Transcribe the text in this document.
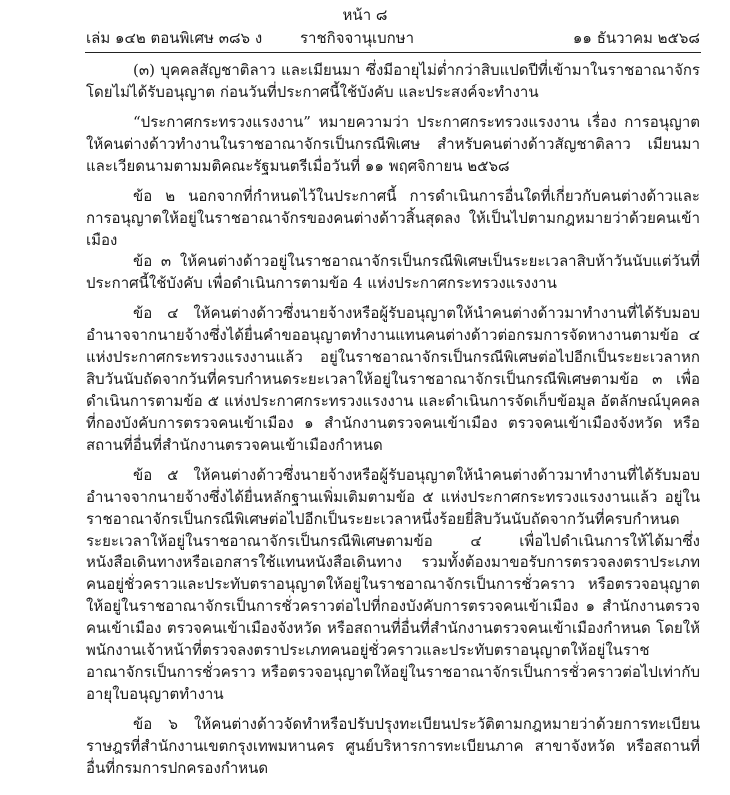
หน้า ๘
เล่ม ๑๔๒ ตอนพิเศษ ๓๘๖ ง	ราชกิจจานุเบกษา	๑๑ ธันวาคม ๒๕๖๘

(๓) บุคคลสัญชาติลาว และเมียนมา ซึ่งมีอายุไม่ต่ำกว่าสิบแปดปีที่เข้ามาในราชอาณาจักรโดยไม่ได้รับอนุญาต ก่อนวันที่ประกาศนี้ใช้บังคับ และประสงค์จะทำงาน

“ประกาศกระทรวงแรงงาน” หมายความว่า ประกาศกระทรวงแรงงาน เรื่อง การอนุญาตให้คนต่างด้าวทำงานในราชอาณาจักรเป็นกรณีพิเศษ สำหรับคนต่างด้าวสัญชาติลาว เมียนมา และเวียดนามตามมติคณะรัฐมนตรีเมื่อวันที่ ๑๑ พฤศจิกายน ๒๕๖๘

ข้อ ๒ นอกจากที่กำหนดไว้ในประกาศนี้ การดำเนินการอื่นใดที่เกี่ยวกับคนต่างด้าวและการอนุญาตให้อยู่ในราชอาณาจักรของคนต่างด้าวสิ้นสุดลง ให้เป็นไปตามกฎหมายว่าด้วยคนเข้าเมือง

ข้อ ๓ ให้คนต่างด้าวอยู่ในราชอาณาจักรเป็นกรณีพิเศษเป็นระยะเวลาสิบห้าวันนับแต่วันที่ประกาศนี้ใช้บังคับ เพื่อดำเนินการตามข้อ 4 แห่งประกาศกระทรวงแรงงาน

ข้อ ๔ ให้คนต่างด้าวซึ่งนายจ้างหรือผู้รับอนุญาตให้นำคนต่างด้าวมาทำงานที่ได้รับมอบอำนาจจากนายจ้างซึ่งได้ยื่นคำขออนุญาตทำงานแทนคนต่างด้าวต่อกรมการจัดหางานตามข้อ ๔ แห่งประกาศกระทรวงแรงงานแล้ว อยู่ในราชอาณาจักรเป็นกรณีพิเศษต่อไปอีกเป็นระยะเวลาหกสิบวันนับถัดจากวันที่ครบกำหนดระยะเวลาให้อยู่ในราชอาณาจักรเป็นกรณีพิเศษตามข้อ ๓ เพื่อดำเนินการตามข้อ ๕ แห่งประกาศกระทรวงแรงงาน และดำเนินการจัดเก็บข้อมูล อัตลักษณ์บุคคลที่กองบังคับการตรวจคนเข้าเมือง ๑ สำนักงานตรวจคนเข้าเมือง ตรวจคนเข้าเมืองจังหวัด หรือสถานที่อื่นที่สำนักงานตรวจคนเข้าเมืองกำหนด

ข้อ ๕ ให้คนต่างด้าวซึ่งนายจ้างหรือผู้รับอนุญาตให้นำคนต่างด้าวมาทำงานที่ได้รับมอบอำนาจจากนายจ้างซึ่งได้ยื่นหลักฐานเพิ่มเติมตามข้อ ๕ แห่งประกาศกระทรวงแรงงานแล้ว อยู่ในราชอาณาจักรเป็นกรณีพิเศษต่อไปอีกเป็นระยะเวลาหนึ่งร้อยยี่สิบวันนับถัดจากวันที่ครบกำหนดระยะเวลาให้อยู่ในราชอาณาจักรเป็นกรณีพิเศษตามข้อ ๔ เพื่อไปดำเนินการให้ได้มาซึ่งหนังสือเดินทางหรือเอกสารใช้แทนหนังสือเดินทาง รวมทั้งต้องมาขอรับการตรวจลงตราประเภทคนอยู่ชั่วคราวและประทับตราอนุญาตให้อยู่ในราชอาณาจักรเป็นการชั่วคราว หรือตรวจอนุญาตให้อยู่ในราชอาณาจักรเป็นการชั่วคราวต่อไปที่กองบังคับการตรวจคนเข้าเมือง ๑ สำนักงานตรวจคนเข้าเมือง ตรวจคนเข้าเมืองจังหวัด หรือสถานที่อื่นที่สำนักงานตรวจคนเข้าเมืองกำหนด โดยให้พนักงานเจ้าหน้าที่ตรวจลงตราประเภทคนอยู่ชั่วคราวและประทับตราอนุญาตให้อยู่ในราชอาณาจักรเป็นการชั่วคราว หรือตรวจอนุญาตให้อยู่ในราชอาณาจักรเป็นการชั่วคราวต่อไปเท่ากับอายุใบอนุญาตทำงาน

ข้อ ๖ ให้คนต่างด้าวจัดทำหรือปรับปรุงทะเบียนประวัติตามกฎหมายว่าด้วยการทะเบียนราษฎรที่สำนักงานเขตกรุงเทพมหานคร ศูนย์บริหารการทะเบียนภาค สาขาจังหวัด หรือสถานที่อื่นที่กรมการปกครองกำหนด
